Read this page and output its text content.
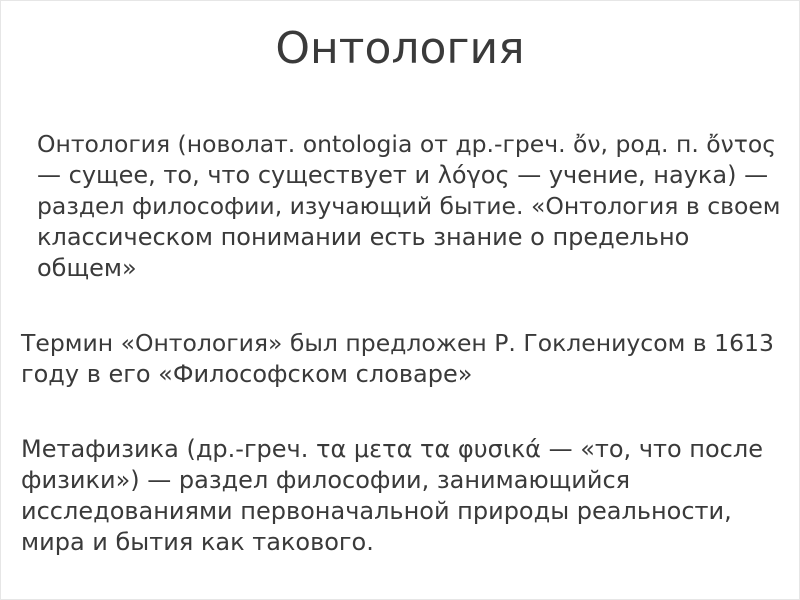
Онтология

Онтология (новолат. ontologia от др.-греч. ὄν, род. п. ὄντος
— сущее, то, что существует и λόγος — учение, наука) —
раздел философии, изучающий бытие. «Онтология в своем
классическом понимании есть знание о предельно
общем»

Термин «Онтология» был предложен Р. Гоклениусом в 1613
году в его «Философском словаре»

Метафизика (др.-греч. τα μετα τα φυσικά — «то, что после
физики») — раздел философии, занимающийся
исследованиями первоначальной природы реальности,
мира и бытия как такового.
